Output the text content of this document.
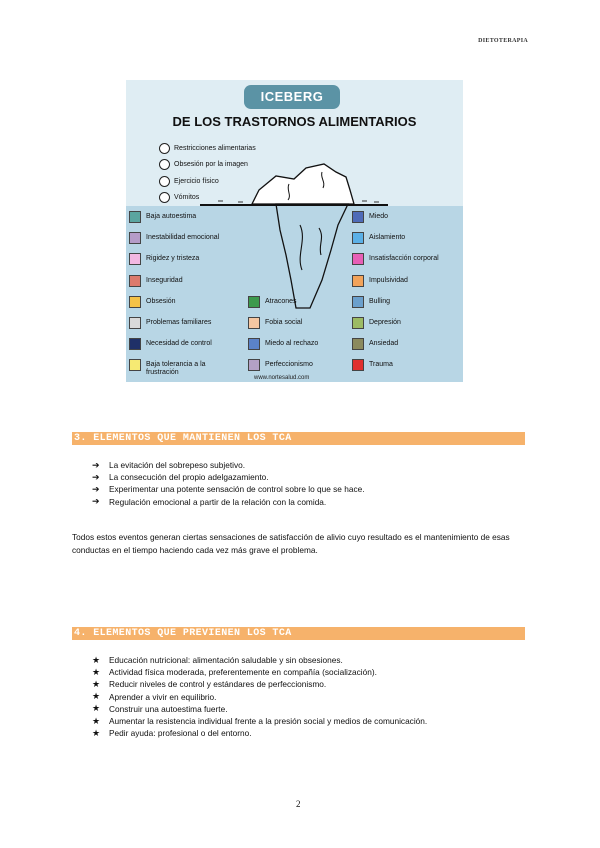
DIETOTERAPIA
ICEBERG
DE LOS TRASTORNOS ALIMENTARIOS
Restricciones alimentarias
Obsesión por la imagen
Ejercicio físico
Vómitos
Baja autoestima
Inestabilidad emocional
Rigidez y tristeza
Inseguridad
Obsesión
Problemas familiares
Necesidad de control
Baja tolerancia a la frustración
Atracones
Fobia social
Miedo al rechazo
Perfeccionismo
Miedo
Aislamiento
Insatisfacción corporal
Impulsividad
Bulling
Depresión
Ansiedad
Trauma
www.nortesalud.com
3. ELEMENTOS QUE MANTIENEN LOS TCA
➔	La evitación del sobrepeso subjetivo.
➔	La consecución del propio adelgazamiento.
➔	Experimentar una potente sensación de control sobre lo que se hace.
➔	Regulación emocional a partir de la relación con la comida.
Todos estos eventos generan ciertas sensaciones de satisfacción de alivio cuyo resultado es el mantenimiento de esas conductas en el tiempo haciendo cada vez más grave el problema.
4. ELEMENTOS QUE PREVIENEN LOS TCA
★	Educación nutricional: alimentación saludable y sin obsesiones.
★	Actividad física moderada, preferentemente en compañía (socialización).
★	Reducir niveles de control y estándares de perfeccionismo.
★	Aprender a vivir en equilibrio.
★	Construir una autoestima fuerte.
★	Aumentar la resistencia individual frente a la presión social y medios de comunicación.
★	Pedir ayuda: profesional o del entorno.
2
